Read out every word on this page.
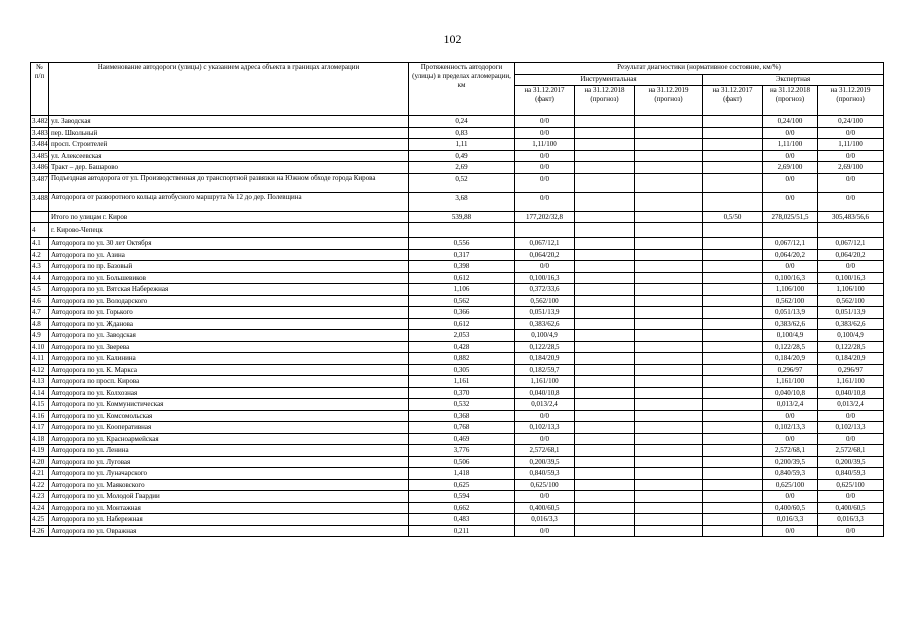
102
№ п/п	Наименование автодороги (улицы) с указанием адреса объекта в границах агломерации	Протяженность автодороги (улицы) в пределах агломерации, км	Результат диагностики (нормативное состояние, км/%)					
			Инструментальная			Экспертная		
			на 31.12.2017 (факт)	на 31.12.2018 (прогноз)	на 31.12.2019 (прогноз)	на 31.12.2017 (факт)	на 31.12.2018 (прогноз)	на 31.12.2019 (прогноз)
3.482	ул. Заводская	0,24	0/0				0,24/100	0,24/100
3.483	пер. Школьный	0,83	0/0				0/0	0/0
3.484	просп. Строителей	1,11	1,11/100				1,11/100	1,11/100
3.485	ул. Алексеевская	0,49	0/0				0/0	0/0
3.486	Тракт – дер. Башарово	2,69	0/0				2,69/100	2,69/100
3.487	Подъездная автодорога от ул. Производственная до транспортной развязки на Южном обходе города Кирова	0,52	0/0				0/0	0/0
3.488	Автодорога от разворотного кольца автобусного маршрута № 12 до дер. Полевщина	3,68	0/0				0/0	0/0
	Итого по улицам г. Киров	539,88	177,202/32,8			0,5/50	278,025/51,5	305,483/56,6
4	г. Кирово-Чепецк							
4.1	Автодорога по ул. 30 лет Октября	0,556	0,067/12,1				0,067/12,1	0,067/12,1
4.2	Автодорога по ул. Азина	0,317	0,064/20,2				0,064/20,2	0,064/20,2
4.3	Автодорога по пр. Базовый	0,398	0/0				0/0	0/0
4.4	Автодорога по ул. Большевиков	0,612	0,100/16,3				0,100/16,3	0,100/16,3
4.5	Автодорога по ул. Вятская Набережная	1,106	0,372/33,6				1,106/100	1,106/100
4.6	Автодорога по ул. Володарского	0,562	0,562/100				0,562/100	0,562/100
4.7	Автодорога по ул. Горького	0,366	0,051/13,9				0,051/13,9	0,051/13,9
4.8	Автодорога по ул. Жданова	0,612	0,383/62,6				0,383/62,6	0,383/62,6
4.9	Автодорога по ул. Заводская	2,053	0,100/4,9				0,100/4,9	0,100/4,9
4.10	Автодорога по ул. Зверева	0,428	0,122/28,5				0,122/28,5	0,122/28,5
4.11	Автодорога по ул. Калинина	0,882	0,184/20,9				0,184/20,9	0,184/20,9
4.12	Автодорога по ул. К. Маркса	0,305	0,182/59,7				0,296/97	0,296/97
4.13	Автодорога по просп. Кирова	1,161	1,161/100				1,161/100	1,161/100
4.14	Автодорога по ул. Колхозная	0,370	0,040/10,8				0,040/10,8	0,040/10,8
4.15	Автодорога по ул. Коммунистическая	0,532	0,013/2,4				0,013/2,4	0,013/2,4
4.16	Автодорога по ул. Комсомольская	0,368	0/0				0/0	0/0
4.17	Автодорога по ул. Кооперативная	0,768	0,102/13,3				0,102/13,3	0,102/13,3
4.18	Автодорога по ул. Красноармейская	0,469	0/0				0/0	0/0
4.19	Автодорога по ул. Ленина	3,776	2,572/68,1				2,572/68,1	2,572/68,1
4.20	Автодорога по ул. Луговая	0,506	0,200/39,5				0,200/39,5	0,200/39,5
4.21	Автодорога по ул. Луначарского	1,418	0,840/59,3				0,840/59,3	0,840/59,3
4.22	Автодорога по ул. Маяковского	0,625	0,625/100				0,625/100	0,625/100
4.23	Автодорога по ул. Молодой Гвардии	0,594	0/0				0/0	0/0
4.24	Автодорога по ул. Монтажная	0,662	0,400/60,5				0,400/60,5	0,400/60,5
4.25	Автодорога по ул. Набережная	0,483	0,016/3,3				0,016/3,3	0,016/3,3
4.26	Автодорога по ул. Овражная	0,211	0/0				0/0	0/0
